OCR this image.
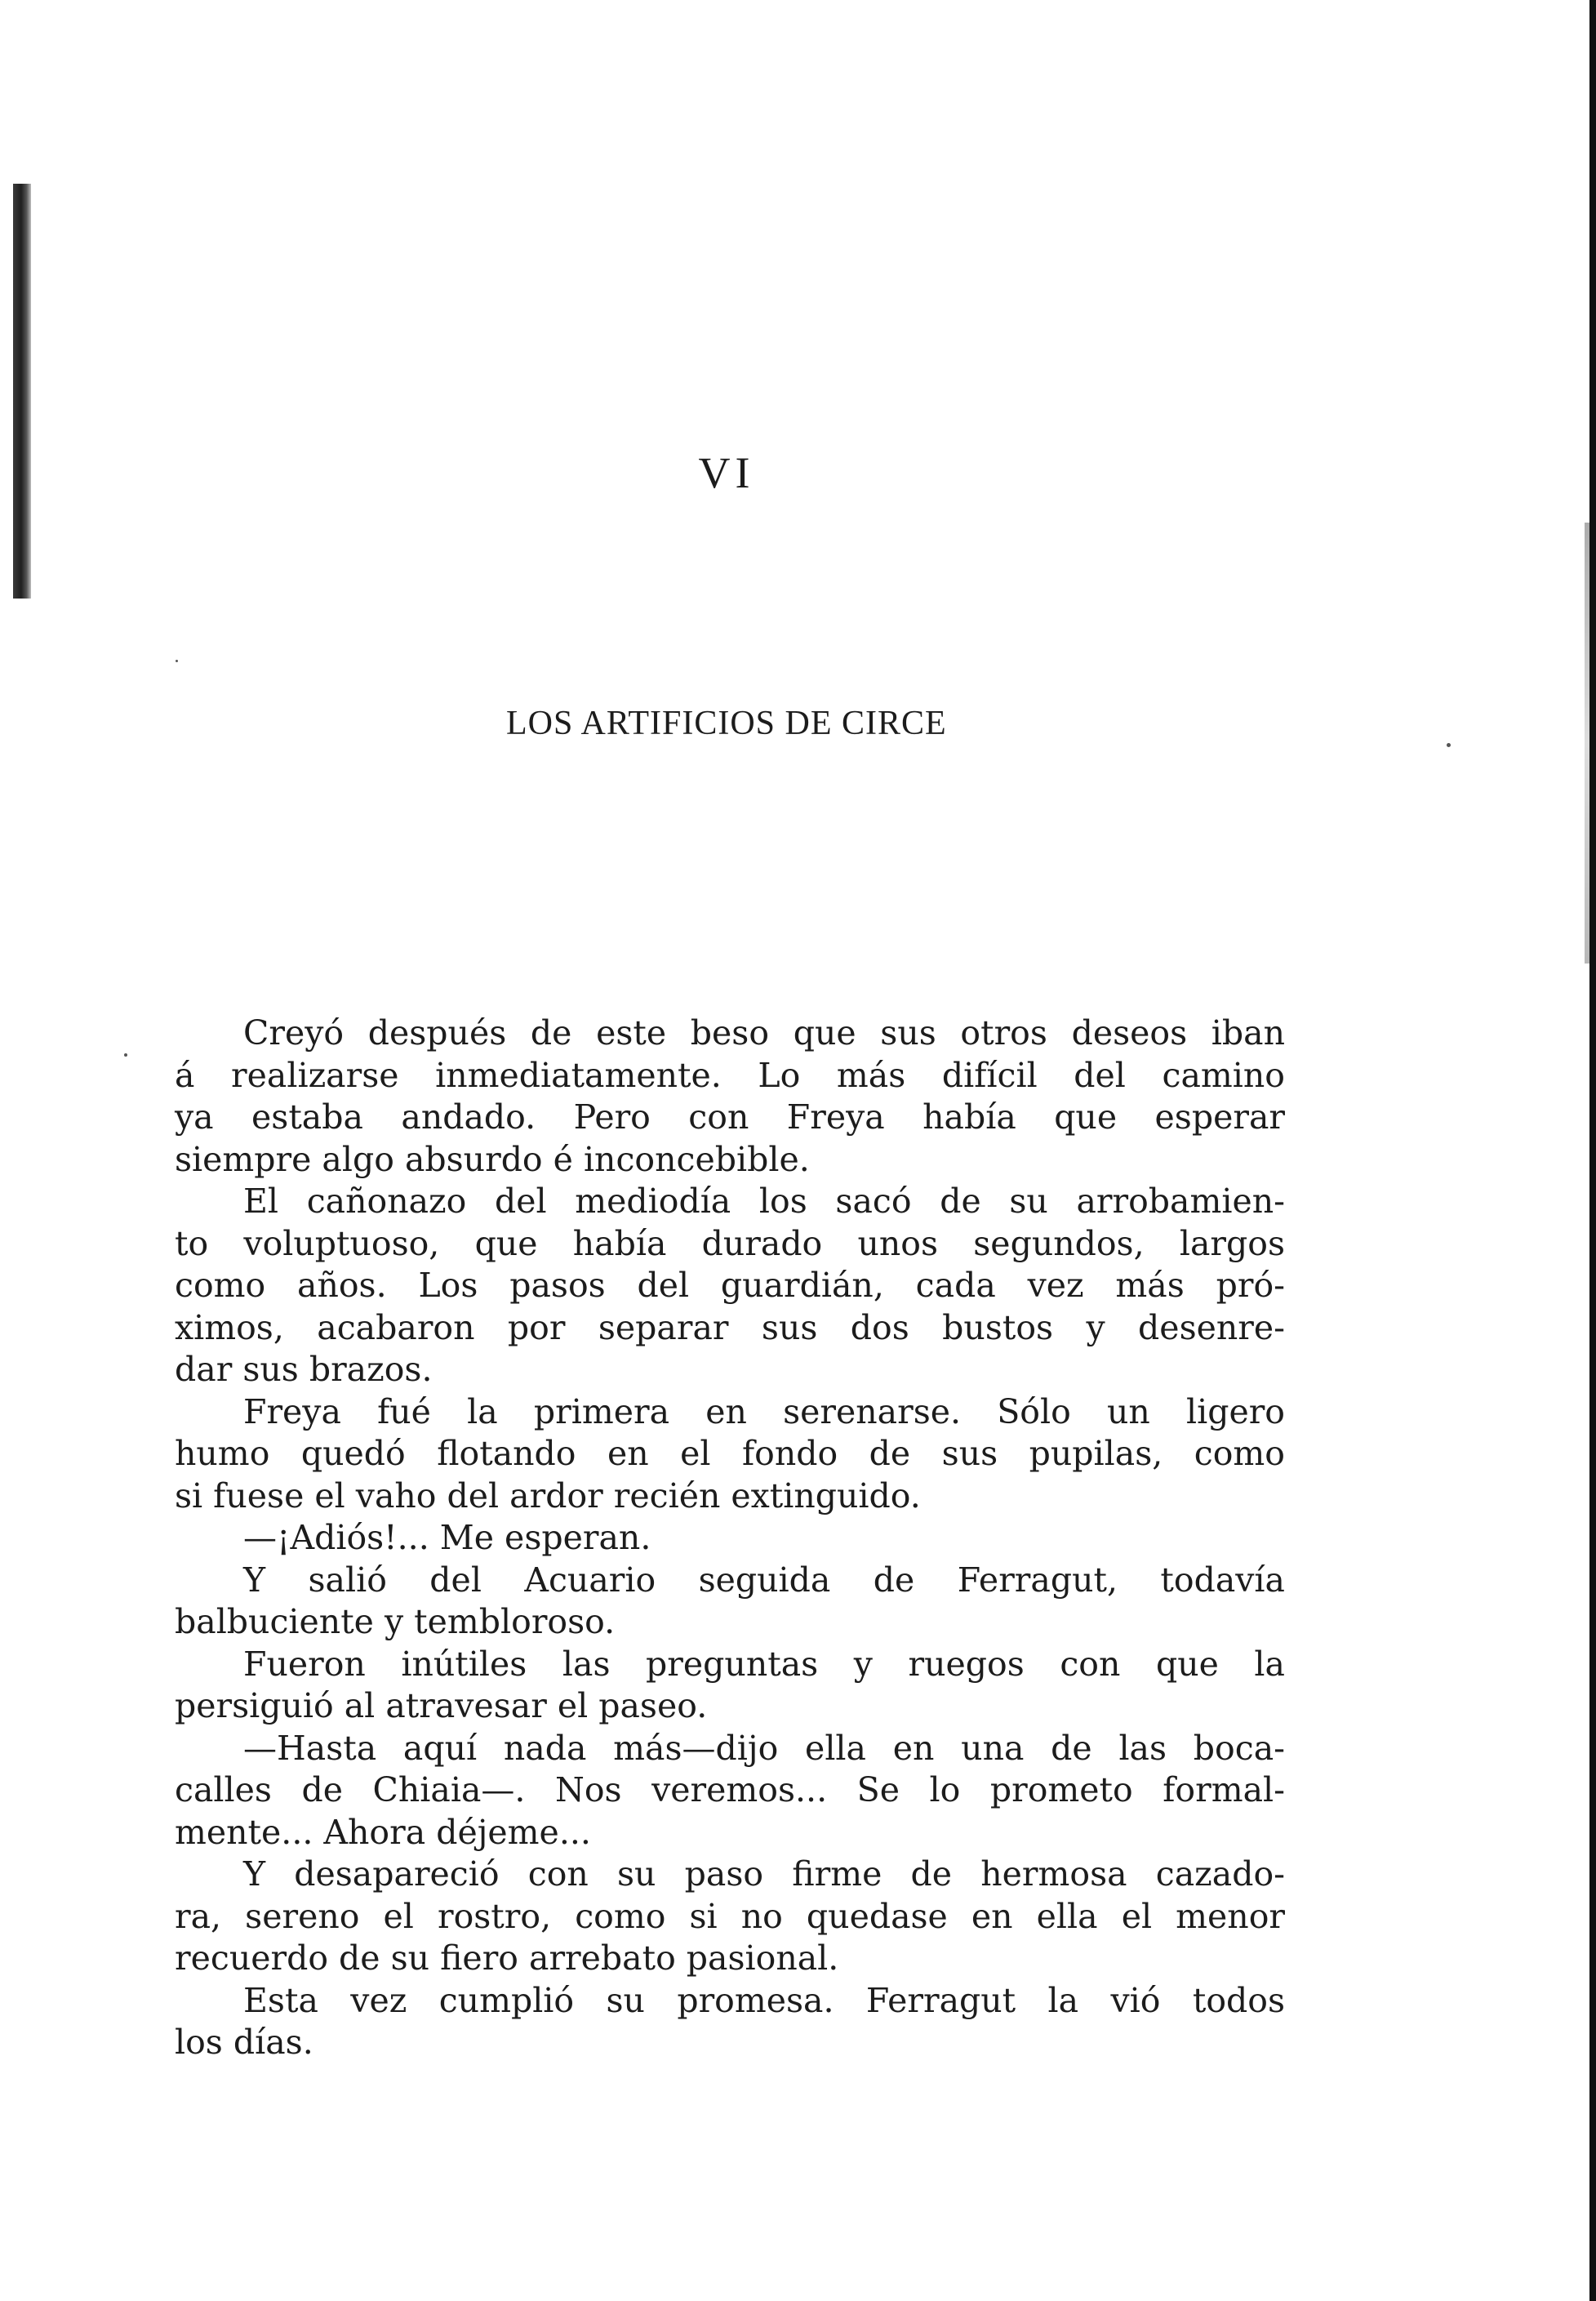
VI
LOS ARTIFICIOS DE CIRCE
Creyó después de este beso que sus otros deseos iban
á realizarse inmediatamente. Lo más difícil del camino
ya estaba andado. Pero con Freya había que esperar
siempre algo absurdo é inconcebible.
El cañonazo del mediodía los sacó de su arrobamien-
to voluptuoso, que había durado unos segundos, largos
como años. Los pasos del guardián, cada vez más pró-
ximos, acabaron por separar sus dos bustos y desenre-
dar sus brazos.
Freya fué la primera en serenarse. Sólo un ligero
humo quedó flotando en el fondo de sus pupilas, como
si fuese el vaho del ardor recién extinguido.
—¡Adiós!... Me esperan.
Y salió del Acuario seguida de Ferragut, todavía
balbuciente y tembloroso.
Fueron inútiles las preguntas y ruegos con que la
persiguió al atravesar el paseo.
—Hasta aquí nada más—dijo ella en una de las boca-
calles de Chiaia—. Nos veremos... Se lo prometo formal-
mente... Ahora déjeme...
Y desapareció con su paso firme de hermosa cazado-
ra, sereno el rostro, como si no quedase en ella el menor
recuerdo de su fiero arrebato pasional.
Esta vez cumplió su promesa. Ferragut la vió todos
los días.
